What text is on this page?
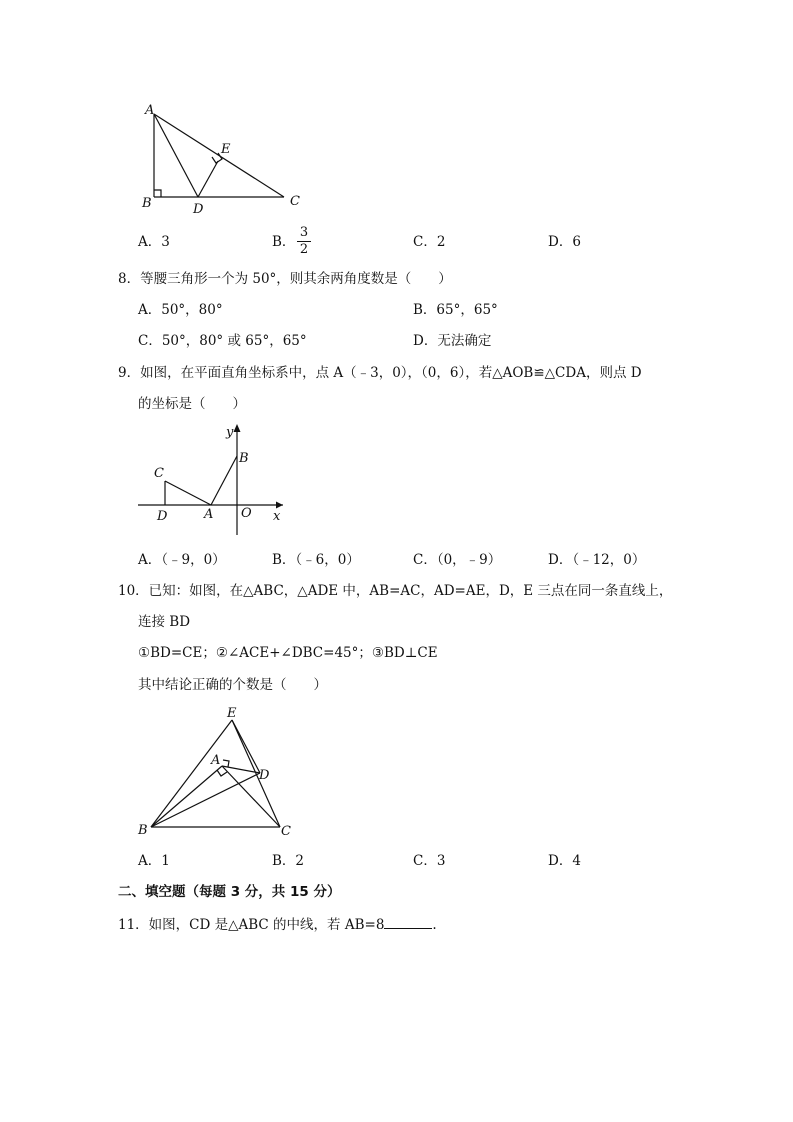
A
B	D
E
C
A．3	B．
3
2	C．2	D．6
8．等腰三角形一个为 50°，则其余两角度数是（　　）
A．50°，80°	B．65°，65°
C．50°，80° 或 65°，65°	D．无法确定
9．如图，在平面直角坐标系中，点 A（﹣3，0），（0，6），若△AOB≌△CDA，则点 D
的坐标是（　　）
y
B
C
D	A O x
A．（﹣9，0）	B．（﹣6，0）	C．（0，﹣9）	D．（﹣12，0）
10．已知：如图，在△ABC，△ADE 中，AB=AC，AD=AE，D，E 三点在同一条直线上，
连接 BD
①BD=CE；②∠ACE+∠DBC=45°；③BD⊥CE
其中结论正确的个数是（　　）
E
A
D
B	C
A．1	B．2	C．3	D．4
二、填空题（每题 3 分，共 15 分）
11．如图，CD 是△ABC 的中线，若 AB=8	.
